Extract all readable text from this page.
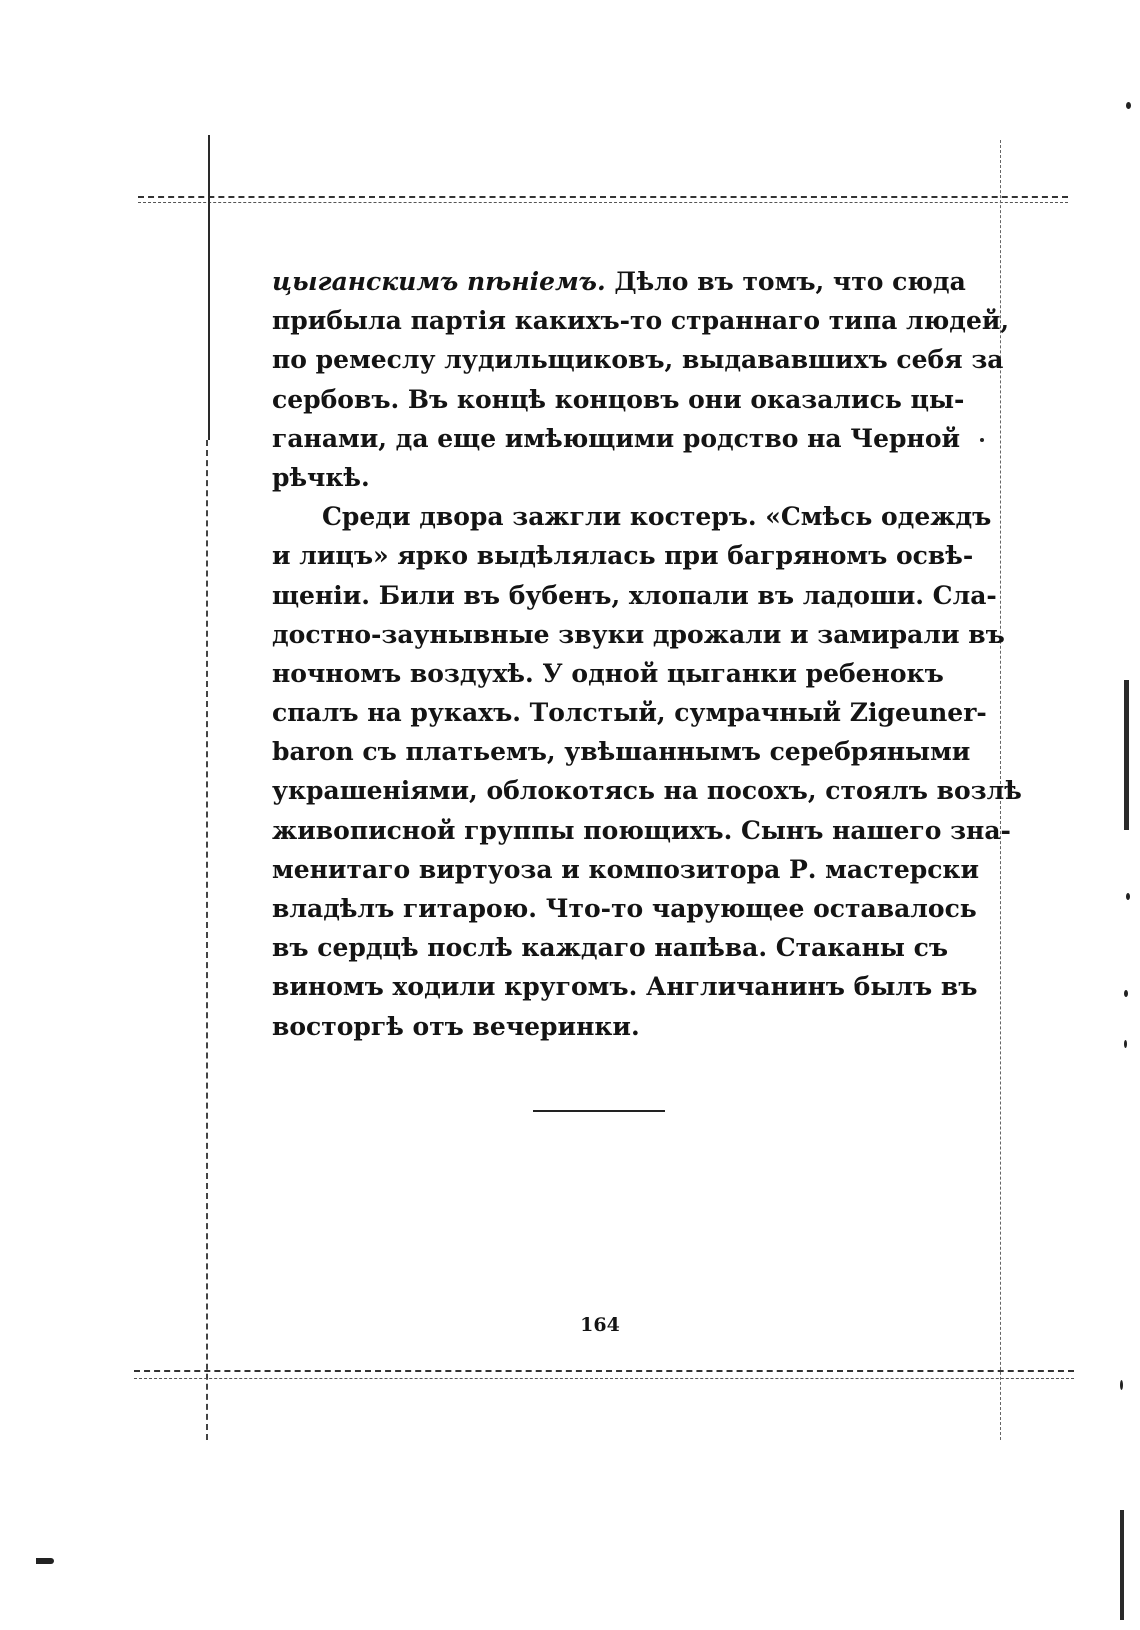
цыганскимъ пѣнiемъ. Дѣло въ томъ, что сюда
прибыла партiя какихъ-то страннаго типа людей,
по ремеслу лудильщиковъ, выдававшихъ себя за
сербовъ. Въ концѣ концовъ они оказались цы-
ганами, да еще имѣющими родство на Черной
рѣчкѣ.
Среди двора зажгли костеръ. «Смѣсь одеждъ
и лицъ» ярко выдѣлялась при багряномъ освѣ-
щенiи. Били въ бубенъ, хлопали въ ладоши. Сла-
достно-заунывные звуки дрожали и замирали въ
ночномъ воздухѣ. У одной цыганки ребенокъ
спалъ на рукахъ. Толстый, сумрачный Zigeuner-
baron съ платьемъ, увѣшаннымъ серебряными
украшенiями, облокотясь на посохъ, стоялъ возлѣ
живописной группы поющихъ. Сынъ нашего зна-
менитаго виртуоза и композитора Р. мастерски
владѣлъ гитарою. Что-то чарующее оставалось
въ сердцѣ послѣ каждаго напѣва. Стаканы съ
виномъ ходили кругомъ. Англичанинъ былъ въ
восторгѣ отъ вечеринки.
164
